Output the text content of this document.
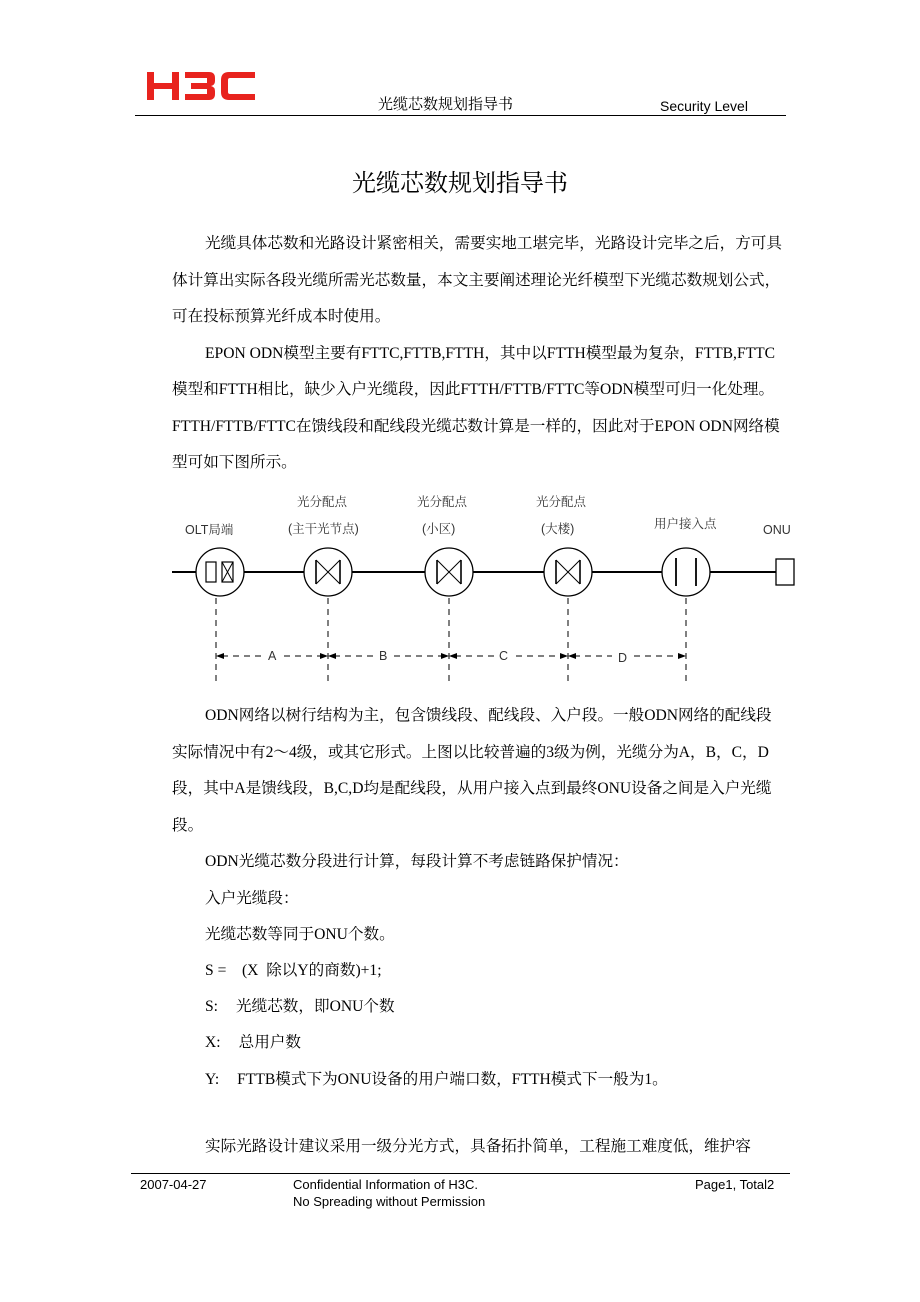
光缆芯数规划指导书	Security Level
光缆芯数规划指导书

光缆具体芯数和光路设计紧密相关，需要实地工堪完毕，光路设计完毕之后，方可具体计算出实际各段光缆所需光芯数量，本文主要阐述理论光纤模型下光缆芯数规划公式，可在投标预算光纤成本时使用。

EPON ODN模型主要有FTTC,FTTB,FTTH，其中以FTTH模型最为复杂，FTTB,FTTC模型和FTTH相比，缺少入户光缆段，因此FTTH/FTTB/FTTC等ODN模型可归一化处理。FTTH/FTTB/FTTC在馈线段和配线段光缆芯数计算是一样的，因此对于EPON ODN网络模型可如下图所示。

OLT局端
光分配点
(主干光节点)
光分配点
(小区)
光分配点
(大楼)	用户接入点	ONU
A	B	C	D

ODN网络以树行结构为主，包含馈线段、配线段、入户段。一般ODN网络的配线段实际情况中有2～4级，或其它形式。上图以比较普遍的3级为例，光缆分为A，B，C，D段，其中A是馈线段，B,C,D均是配线段，从用户接入点到最终ONU设备之间是入户光缆段。

ODN光缆芯数分段进行计算，每段计算不考虑链路保护情况：
入户光缆段：
光缆芯数等同于ONU个数。
S =    (X  除以Y的商数)+1;
S: 光缆芯数，即ONU个数
X: 总用户数
Y: FTTB模式下为ONU设备的用户端口数，FTTH模式下一般为1。

实际光路设计建议采用一级分光方式，具备拓扑简单，工程施工难度低，维护容

2007-04-27	Confidential Information of H3C.
No Spreading without Permission
Page1, Total2
